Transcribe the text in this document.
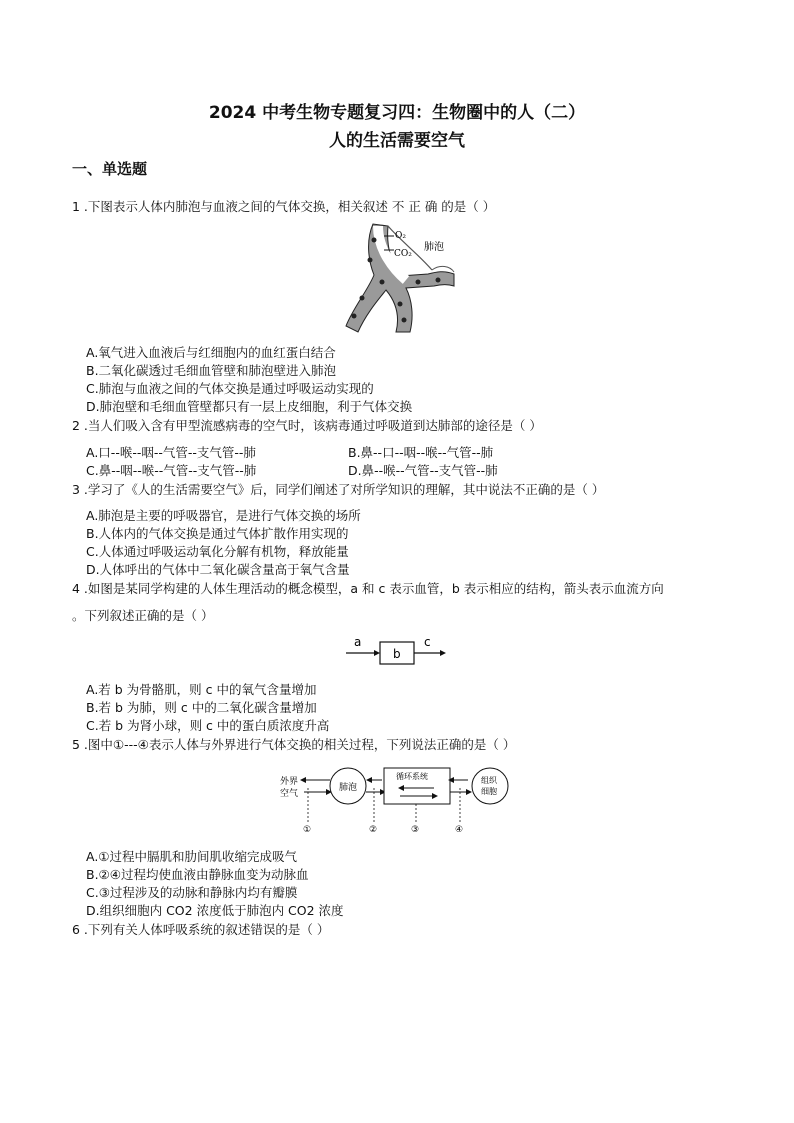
2024 中考生物专题复习四：生物圈中的人（二）
人的生活需要空气
一、单选题
1 .下图表示人体内肺泡与血液之间的气体交换，相关叙述 不 正 确 的是（ ）
O₂
CO₂
肺泡
A.氧气进入血液后与红细胞内的血红蛋白结合
B.二氧化碳透过毛细血管壁和肺泡壁进入肺泡
C.肺泡与血液之间的气体交换是通过呼吸运动实现的
D.肺泡壁和毛细血管壁都只有一层上皮细胞，利于气体交换
2 .当人们吸入含有甲型流感病毒的空气时，该病毒通过呼吸道到达肺部的途径是（ ）
A.口--喉--咽--气管--支气管--肺	B.鼻--口--咽--喉--气管--肺
C.鼻--咽--喉--气管--支气管--肺	D.鼻--喉--气管--支气管--肺
3 .学习了《人的生活需要空气》后，同学们阐述了对所学知识的理解，其中说法不正确的是（ ）
A.肺泡是主要的呼吸器官，是进行气体交换的场所
B.人体内的气体交换是通过气体扩散作用实现的
C.人体通过呼吸运动氧化分解有机物，释放能量
D.人体呼出的气体中二氧化碳含量高于氧气含量
4 .如图是某同学构建的人体生理活动的概念模型，a 和 c 表示血管，b 表示相应的结构，箭头表示血流方向
。下列叙述正确的是（ ）
a
b
c
A.若 b 为骨骼肌，则 c 中的氧气含量增加
B.若 b 为肺，则 c 中的二氧化碳含量增加
C.若 b 为肾小球，则 c 中的蛋白质浓度升高
5 .图中①---④表示人体与外界进行气体交换的相关过程，下列说法正确的是（ ）
外界
空气
肺泡
循环系统	组织
细胞
①	②	③	④
A.①过程中膈肌和肋间肌收缩完成吸气
B.②④过程均使血液由静脉血变为动脉血
C.③过程涉及的动脉和静脉内均有瓣膜
D.组织细胞内 CO2 浓度低于肺泡内 CO2 浓度
6 .下列有关人体呼吸系统的叙述错误的是（ ）
